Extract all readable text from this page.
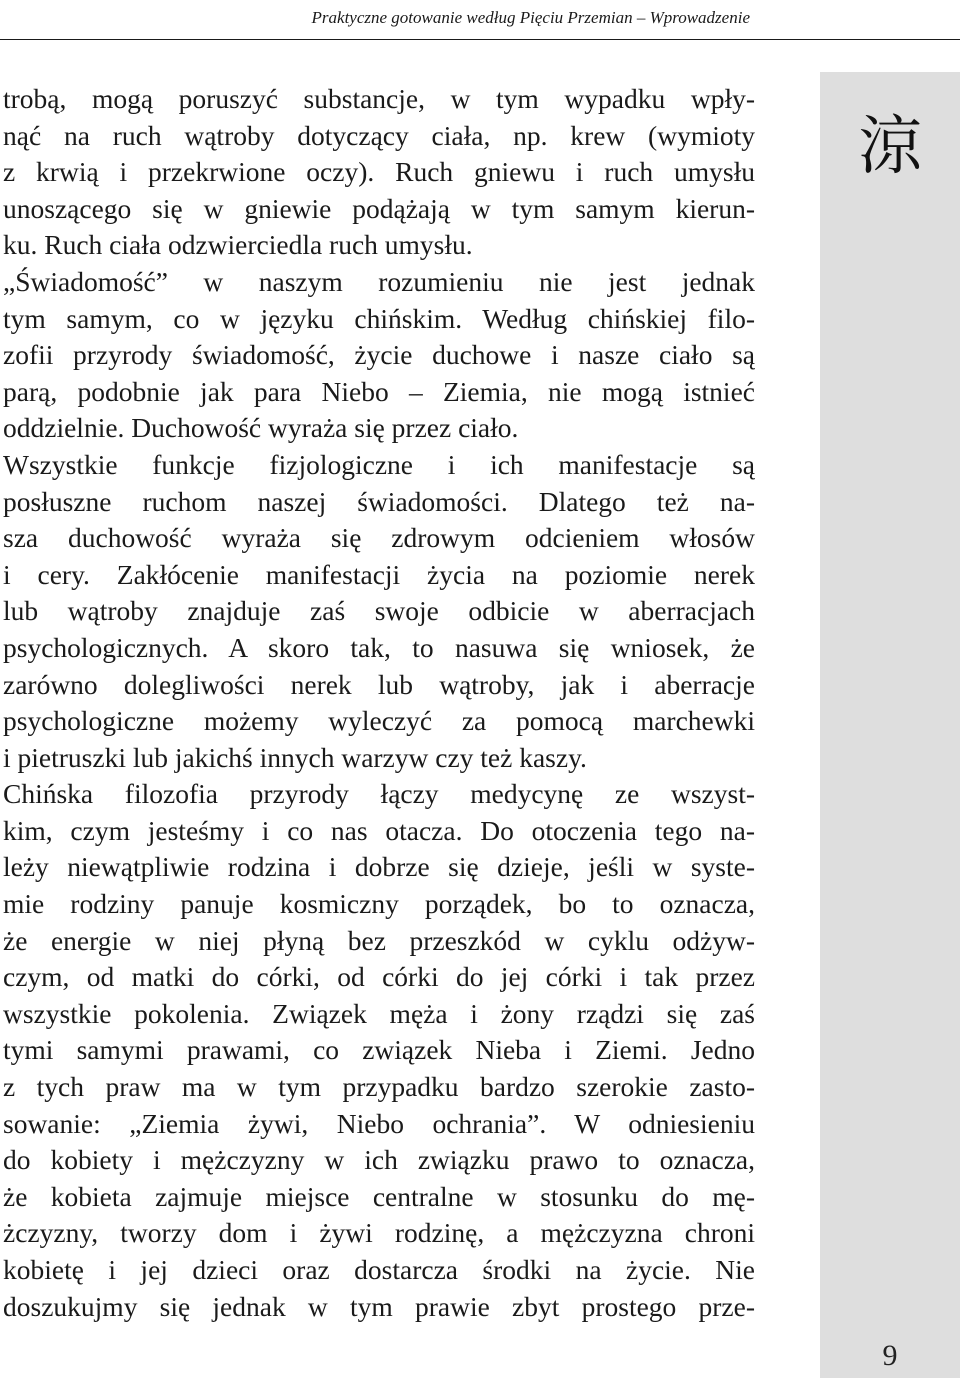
Praktyczne gotowanie według Pięciu Przemian – Wprowadzenie
涼
9
trobą, mogą poruszyć substancje, w tym wypadku wpły-
nąć na ruch wątroby dotyczący ciała, np. krew (wymioty
z krwią i przekrwione oczy). Ruch gniewu i ruch umysłu
unoszącego się w gniewie podążają w tym samym kierun-
ku. Ruch ciała odzwierciedla ruch umysłu.
„Świadomość” w naszym rozumieniu nie jest jednak
tym samym, co w języku chińskim. Według chińskiej filo-
zofii przyrody świadomość, życie duchowe i nasze ciało są
parą, podobnie jak para Niebo – Ziemia, nie mogą istnieć
oddzielnie. Duchowość wyraża się przez ciało.
Wszystkie funkcje fizjologiczne i ich manifestacje są
posłuszne ruchom naszej świadomości. Dlatego też na-
sza duchowość wyraża się zdrowym odcieniem włosów
i cery. Zakłócenie manifestacji życia na poziomie nerek
lub wątroby znajduje zaś swoje odbicie w aberracjach
psychologicznych. A skoro tak, to nasuwa się wniosek, że
zarówno dolegliwości nerek lub wątroby, jak i aberracje
psychologiczne możemy wyleczyć za pomocą marchewki
i pietruszki lub jakichś innych warzyw czy też kaszy.
Chińska filozofia przyrody łączy medycynę ze wszyst-
kim, czym jesteśmy i co nas otacza. Do otoczenia tego na-
leży niewątpliwie rodzina i dobrze się dzieje, jeśli w syste-
mie rodziny panuje kosmiczny porządek, bo to oznacza,
że energie w niej płyną bez przeszkód w cyklu odżyw-
czym, od matki do córki, od córki do jej córki i tak przez
wszystkie pokolenia. Związek męża i żony rządzi się zaś
tymi samymi prawami, co związek Nieba i Ziemi. Jedno
z tych praw ma w tym przypadku bardzo szerokie zasto-
sowanie: „Ziemia żywi, Niebo ochrania”. W odniesieniu
do kobiety i mężczyzny w ich związku prawo to oznacza,
że kobieta zajmuje miejsce centralne w stosunku do mę-
żczyzny, tworzy dom i żywi rodzinę, a mężczyzna chroni
kobietę i jej dzieci oraz dostarcza środki na życie. Nie
doszukujmy się jednak w tym prawie zbyt prostego prze-
